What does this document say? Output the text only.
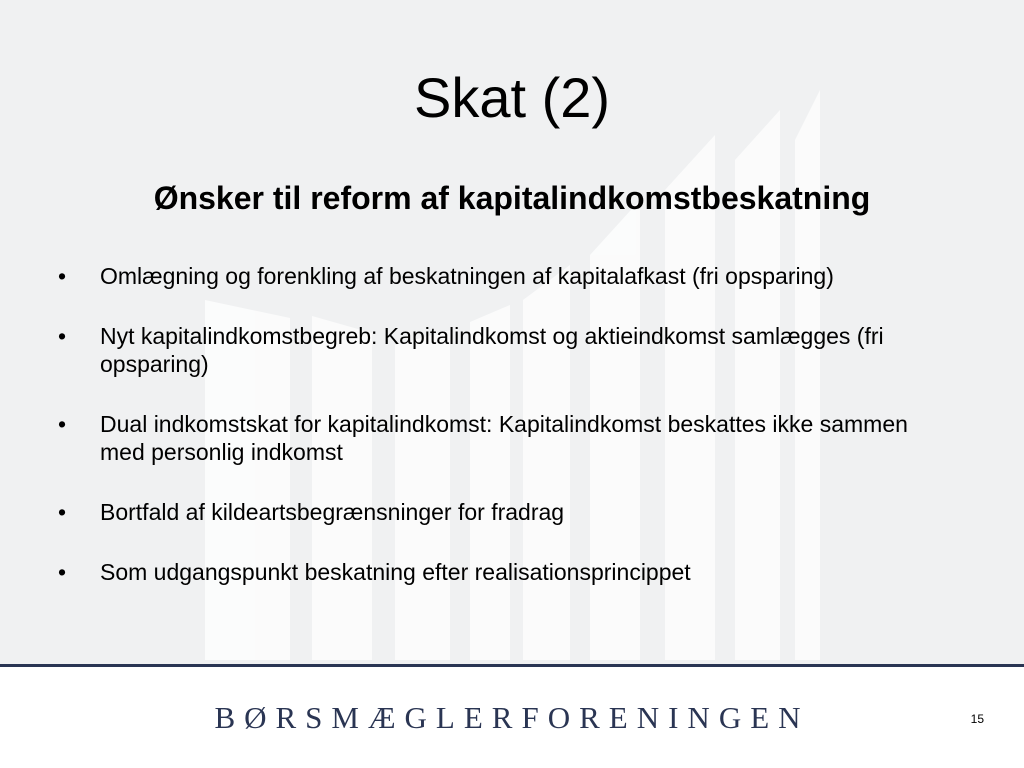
Skat (2)
Ønsker til reform af kapitalindkomstbeskatning
• Omlægning og forenkling af beskatningen af kapitalafkast (fri opsparing)
• Nyt kapitalindkomstbegreb: Kapitalindkomst og aktieindkomst samlægges (fri opsparing)
• Dual indkomstskat for kapitalindkomst: Kapitalindkomst beskattes ikke sammen med personlig indkomst
• Bortfald af kildeartsbegrænsninger for fradrag
• Som udgangspunkt beskatning efter realisationsprincippet
BØRSMÆGLERFORENINGEN	15
